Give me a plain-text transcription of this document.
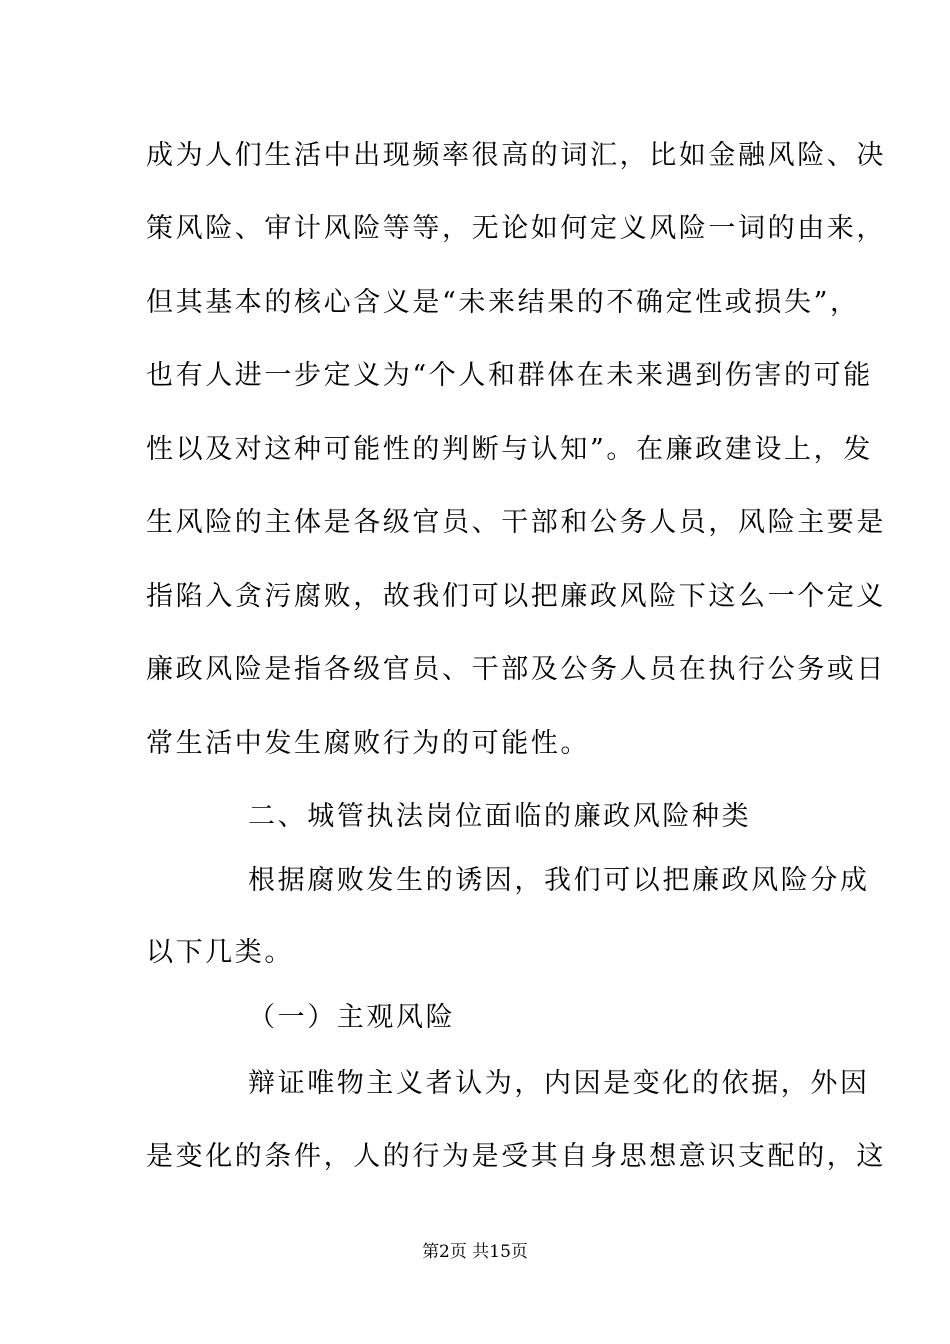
成为人们生活中出现频率很高的词汇，比如金融风险、决
策风险、审计风险等等，无论如何定义风险一词的由来，
但其基本的核心含义是“未来结果的不确定性或损失”，
也有人进一步定义为“个人和群体在未来遇到伤害的可能
性以及对这种可能性的判断与认知”。在廉政建设上，发
生风险的主体是各级官员、干部和公务人员，风险主要是
指陷入贪污腐败，故我们可以把廉政风险下这么一个定义
廉政风险是指各级官员、干部及公务人员在执行公务或日
常生活中发生腐败行为的可能性。
二、城管执法岗位面临的廉政风险种类
根据腐败发生的诱因，我们可以把廉政风险分成
以下几类。
（一）主观风险
辩证唯物主义者认为，内因是变化的依据，外因
是变化的条件，人的行为是受其自身思想意识支配的，这
第2页 共15页
